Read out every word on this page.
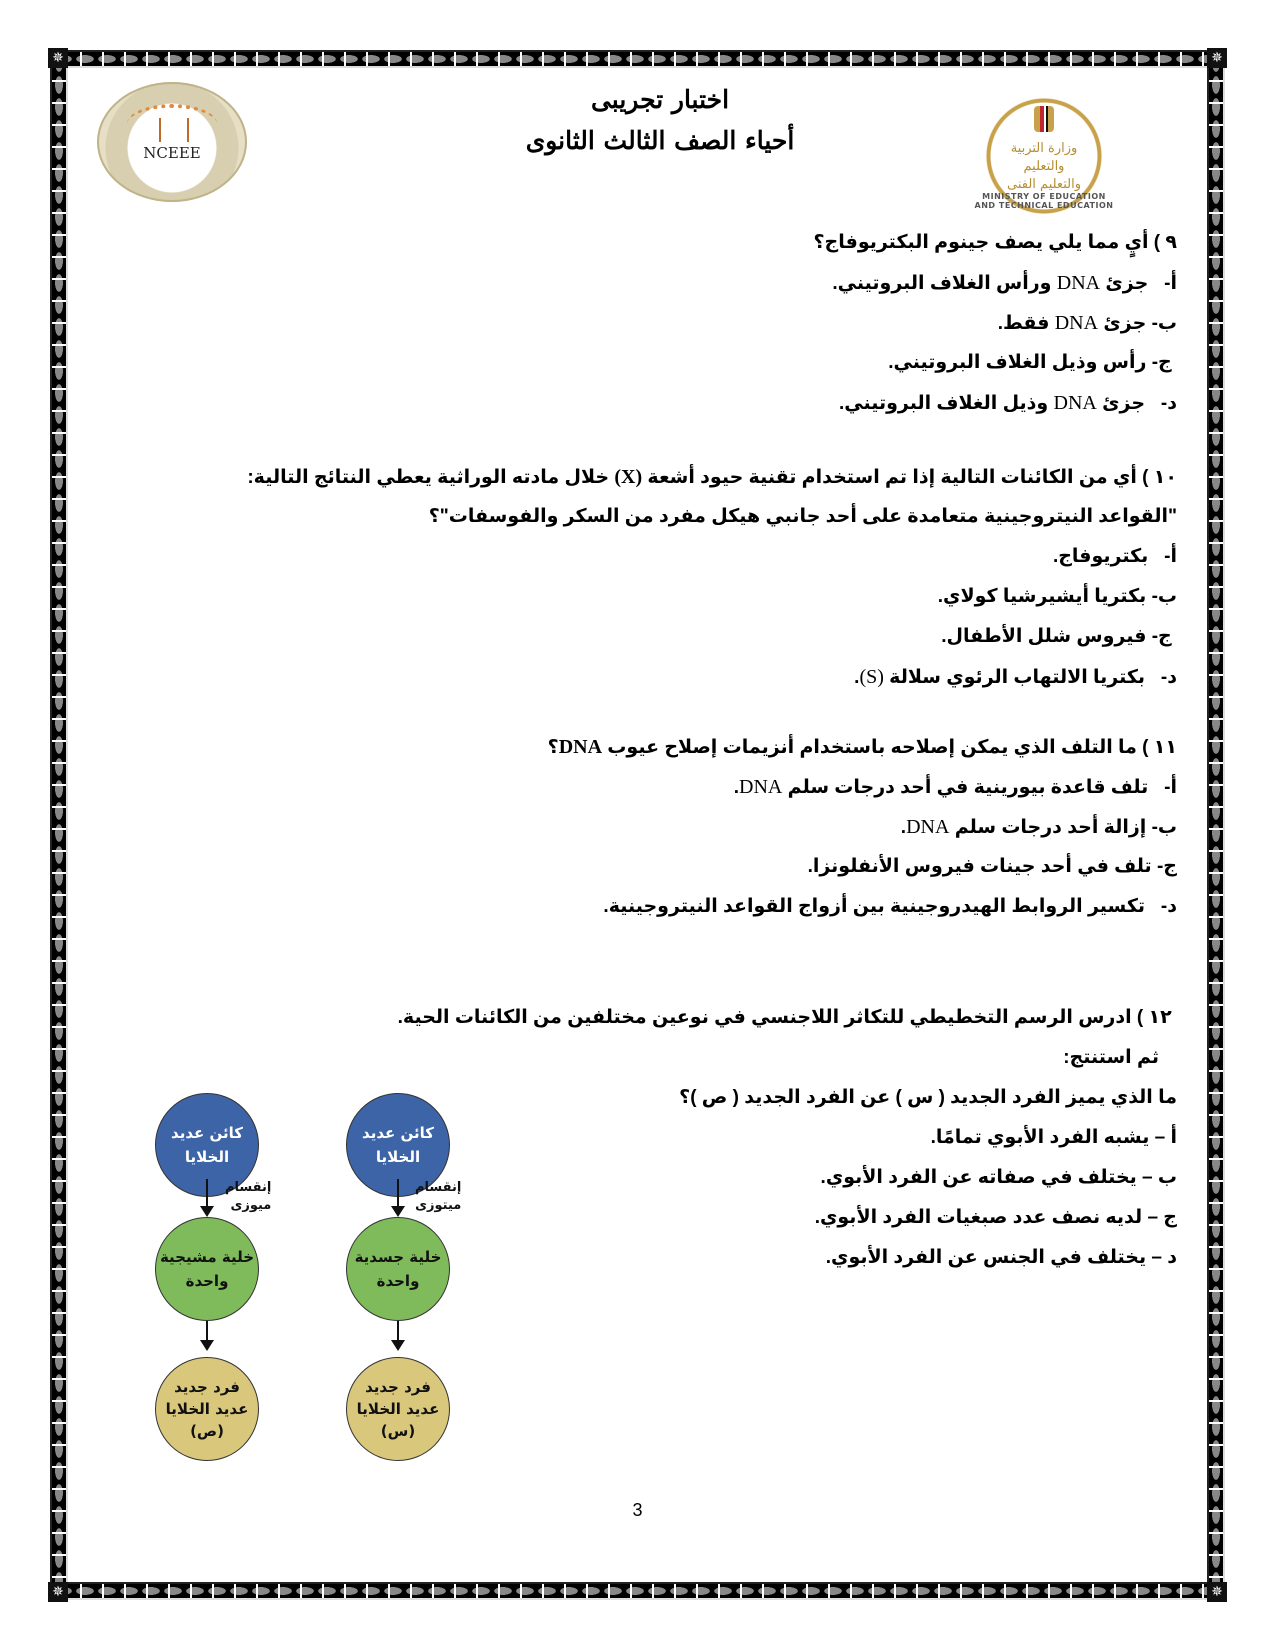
✵	✵
✵	✵
NCEEE	وزارة التربية والتعليم والتعليم الفنى
MINISTRY OF EDUCATION AND TECHNICAL EDUCATION
اختبار تجريبى
أحياء الصف الثالث الثانوى
٩ ) أيٍ مما يلي يصف جينوم البكتريوفاج؟
أ-   جزئ DNA ورأس الغلاف البروتيني.
ب- جزئ DNA فقط.
ج- رأس وذيل الغلاف البروتيني.
د-   جزئ DNA وذيل الغلاف البروتيني.
١٠ ) أي من الكائنات التالية إذا تم استخدام تقنية حيود أشعة (X) خلال مادته الوراثية يعطي النتائج التالية:
"القواعد النيتروجينية متعامدة على أحد جانبي هيكل مفرد من السكر والفوسفات"؟
أ-   بكتريوفاج.
ب- بكتريا أيشيرشيا كولاي.
ج- فيروس شلل الأطفال.
د-   بكتريا الالتهاب الرئوي سلالة (S).
١١ ) ما التلف الذي يمكن إصلاحه باستخدام أنزيمات إصلاح عيوب DNA؟
أ-   تلف قاعدة بيورينية في أحد درجات سلم DNA.
ب- إزالة أحد درجات سلم DNA.
ج- تلف في أحد جينات فيروس الأنفلونزا.
د-   تكسير الروابط الهيدروجينية بين أزواج القواعد النيتروجينية.
١٢ ) ادرس الرسم التخطيطي للتكاثر اللاجنسي في نوعين مختلفين من الكائنات الحية.
ثم استنتج:
ما الذي يميز الفرد الجديد ( س ) عن الفرد الجديد ( ص )؟
أ – يشبه الفرد الأبوي تمامًا.
ب – يختلف في صفاته عن الفرد الأبوي.
ج – لديه نصف عدد صبغيات الفرد الأبوي.
د – يختلف في الجنس عن الفرد الأبوي.
كائن عديد الخلايا
إنقسام
ميوزى
خلية مشيجية واحدة
فرد جديد
عديد الخلايا
(ص)
كائن عديد الخلايا
إنقسام
ميتوزى
خلية جسدية واحدة
فرد جديد
عديد الخلايا
(س)
3
